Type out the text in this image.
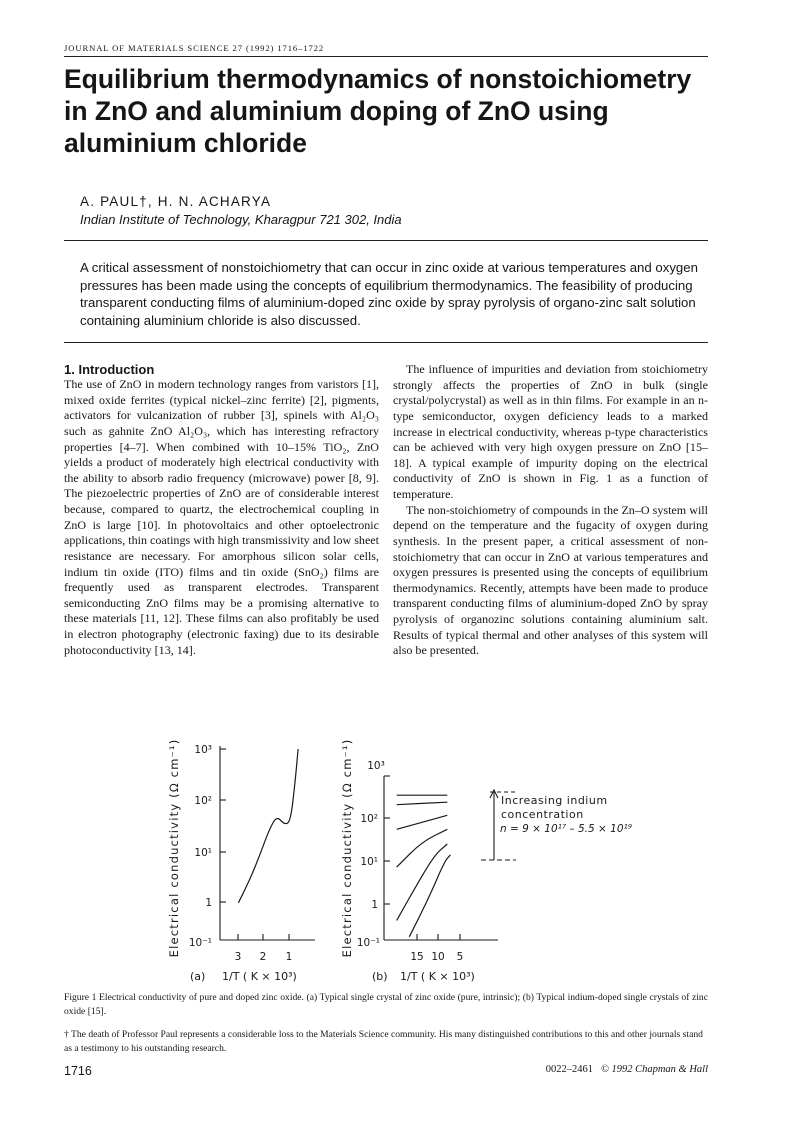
JOURNAL OF MATERIALS SCIENCE 27 (1992) 1716–1722
Equilibrium thermodynamics of nonstoichiometry in ZnO and aluminium doping of ZnO using aluminium chloride
A. PAUL†, H. N. ACHARYA
Indian Institute of Technology, Kharagpur 721 302, India

A critical assessment of nonstoichiometry that can occur in zinc oxide at various temperatures and oxygen pressures has been made using the concepts of equilibrium thermodynamics. The feasibility of producing transparent conducting films of aluminium-doped zinc oxide by spray pyrolysis of organo-zinc salt solution containing aluminium chloride is also discussed.

1. Introduction

The use of ZnO in modern technology ranges from varistors [1], mixed oxide ferrites (typical nickel–zinc ferrite) [2], pigments, activators for vulcanization of rubber [3], spinels with Al₂O₃ such as gahnite ZnO Al₂O₃, which has interesting refractory properties [4–7]. When combined with 10–15% TiO₂, ZnO yields a product of moderately high electrical conductivity with the ability to absorb radio frequency (microwave) power [8, 9]. The piezoelectric properties of ZnO are of considerable interest because, compared to quartz, the electrochemical coupling in ZnO is large [10]. In photovoltaics and other optoelectronic applications, thin coatings with high transmissivity and low sheet resistance are necessary. For amorphous silicon solar cells, indium tin oxide (ITO) films and tin oxide (SnO₂) films are frequently used as transparent electrodes. Transparent semiconducting ZnO films may be a promising alternative to these materials [11, 12]. These films can also profitably be used in electron photography (electronic faxing) due to its desirable photoconductivity [13, 14].

The influence of impurities and deviation from stoichiometry strongly affects the properties of ZnO in bulk (single crystal/polycrystal) as well as in thin films. For example in an n-type semiconductor, oxygen deficiency leads to a marked increase in electrical conductivity, whereas p-type characteristics can be achieved with very high oxygen pressure on ZnO [15–18]. A typical example of impurity doping on the electrical conductivity of ZnO is shown in Fig. 1 as a function of temperature.

The non-stoichiometry of compounds in the Zn–O system will depend on the temperature and the fugacity of oxygen during synthesis. In the present paper, a critical assessment of non-stoichiometry that can occur in ZnO at various temperatures and oxygen pressures is presented using the concepts of equilibrium thermodynamics. Recently, attempts have been made to produce transparent conducting films of aluminium-doped ZnO by spray pyrolysis of organozinc solutions containing aluminium salt. Results of typical thermal and other analyses of this system will also be presented.

Electrical conductivity (Ω cm⁻¹) 10³
10²
10¹
1
10⁻¹
3 2 1
(a) 1/T ( K × 10³)
Electrical conductivity (Ω cm⁻¹) 10³
10²
10¹
1
10⁻¹
15 10 5
(b) 1/T ( K × 10³)
Increasing indium
concentration
n = 9 × 10¹⁷ – 5.5 × 10¹⁹

Figure 1 Electrical conductivity of pure and doped zinc oxide. (a) Typical single crystal of zinc oxide (pure, intrinsic); (b) Typical indium-doped single crystals of zinc oxide [15].

† The death of Professor Paul represents a considerable loss to the Materials Science community. His many distinguished contributions to this and other journals stand as a testimony to his outstanding research.

1716	0022–2461 © 1992 Chapman & Hall
